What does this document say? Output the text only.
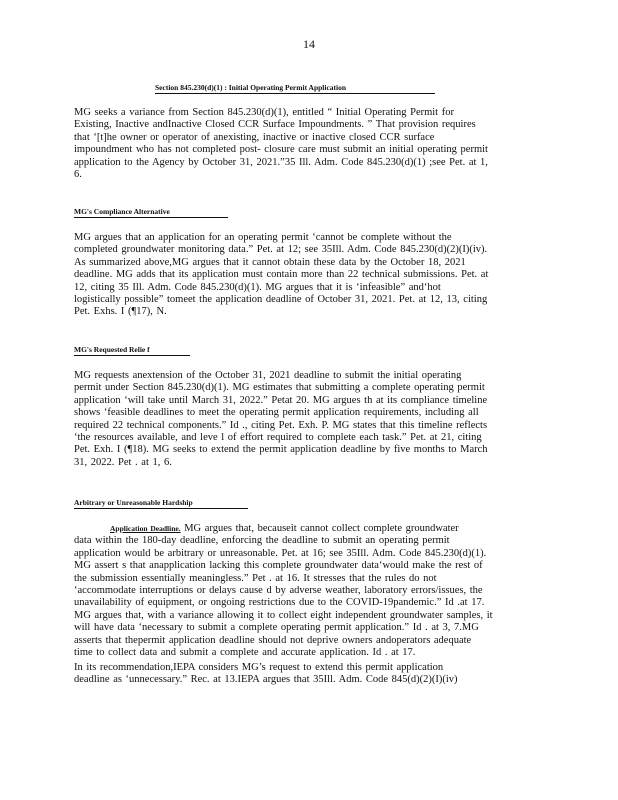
14
Section 845.230(d)(1) : Initial Operating Permit Application
MG seeks a variance from Section 845.230(d)(1), entitled “ Initial Operating Permit for
Existing, Inactive andInactive Closed CCR Surface Impoundments. ” That provision requires
that ‘[t]he owner or operator of anexisting, inactive or inactive closed CCR surface
impoundment who has not completed post- closure care must submit an initial operating permit
application to the Agency by October 31, 2021.”35 Ill. Adm. Code 845.230(d)(1) ;see Pet. at 1,
6.
MG's Compliance Alternative
MG argues that an application for an operating permit ‘cannot be complete without the
completed groundwater monitoring data.” Pet. at 12; see 35Ill. Adm. Code 845.230(d)(2)(I)(iv).
As summarized above,MG argues that it cannot obtain these data by the October 18, 2021
deadline. MG adds that its application must contain more than 22 technical submissions. Pet. at
12, citing 35 Ill. Adm. Code 845.230(d)(1). MG argues that it is ‘infeasible” and‘hot
logistically possible” tomeet the application deadline of October 31, 2021. Pet. at 12, 13, citing
Pet. Exhs. I (¶17), N.
MG's Requested Relie f
MG requests anextension of the October 31, 2021 deadline to submit the initial operating
permit under Section 845.230(d)(1). MG estimates that submitting a complete operating permit
application ‘will take until March 31, 2022.” Petat 20. MG argues th at its compliance timeline
shows ‘feasible deadlines to meet the operating permit application requirements, including all
required 22 technical components.” Id ., citing Pet. Exh. P. MG states that this timeline reflects
‘the resources available, and leve l of effort required to complete each task.” Pet. at 21, citing
Pet. Exh. I (¶18). MG seeks to extend the permit application deadline by five months to March
31, 2022. Pet . at 1, 6.
Arbitrary or Unreasonable Hardship
Application Deadline. MG argues that, becauseit cannot collect complete groundwater
data within the 180-day deadline, enforcing the deadline to submit an operating permit
application would be arbitrary or unreasonable. Pet. at 16; see 35Ill. Adm. Code 845.230(d)(1).
MG assert s that anapplication lacking this complete groundwater data‘would make the rest of
the submission essentially meaningless.” Pet . at 16. It stresses that the rules do not
‘accommodate interruptions or delays cause d by adverse weather, laboratory errors/issues, the
unavailability of equipment, or ongoing restrictions due to the COVID-19pandemic.” Id .at 17.
MG argues that, with a variance allowing it to collect eight independent groundwater samples, it
will have data ‘necessary to submit a complete operating permit application.” Id . at 3, 7.MG
asserts that thepermit application deadline should not deprive owners andoperators adequate
time to collect data and submit a complete and accurate application. Id . at 17.
In its recommendation,IEPA considers MG’s request to extend this permit application
deadline as ‘unnecessary.” Rec. at 13.IEPA argues that 35Ill. Adm. Code 845(d)(2)(I)(iv)
